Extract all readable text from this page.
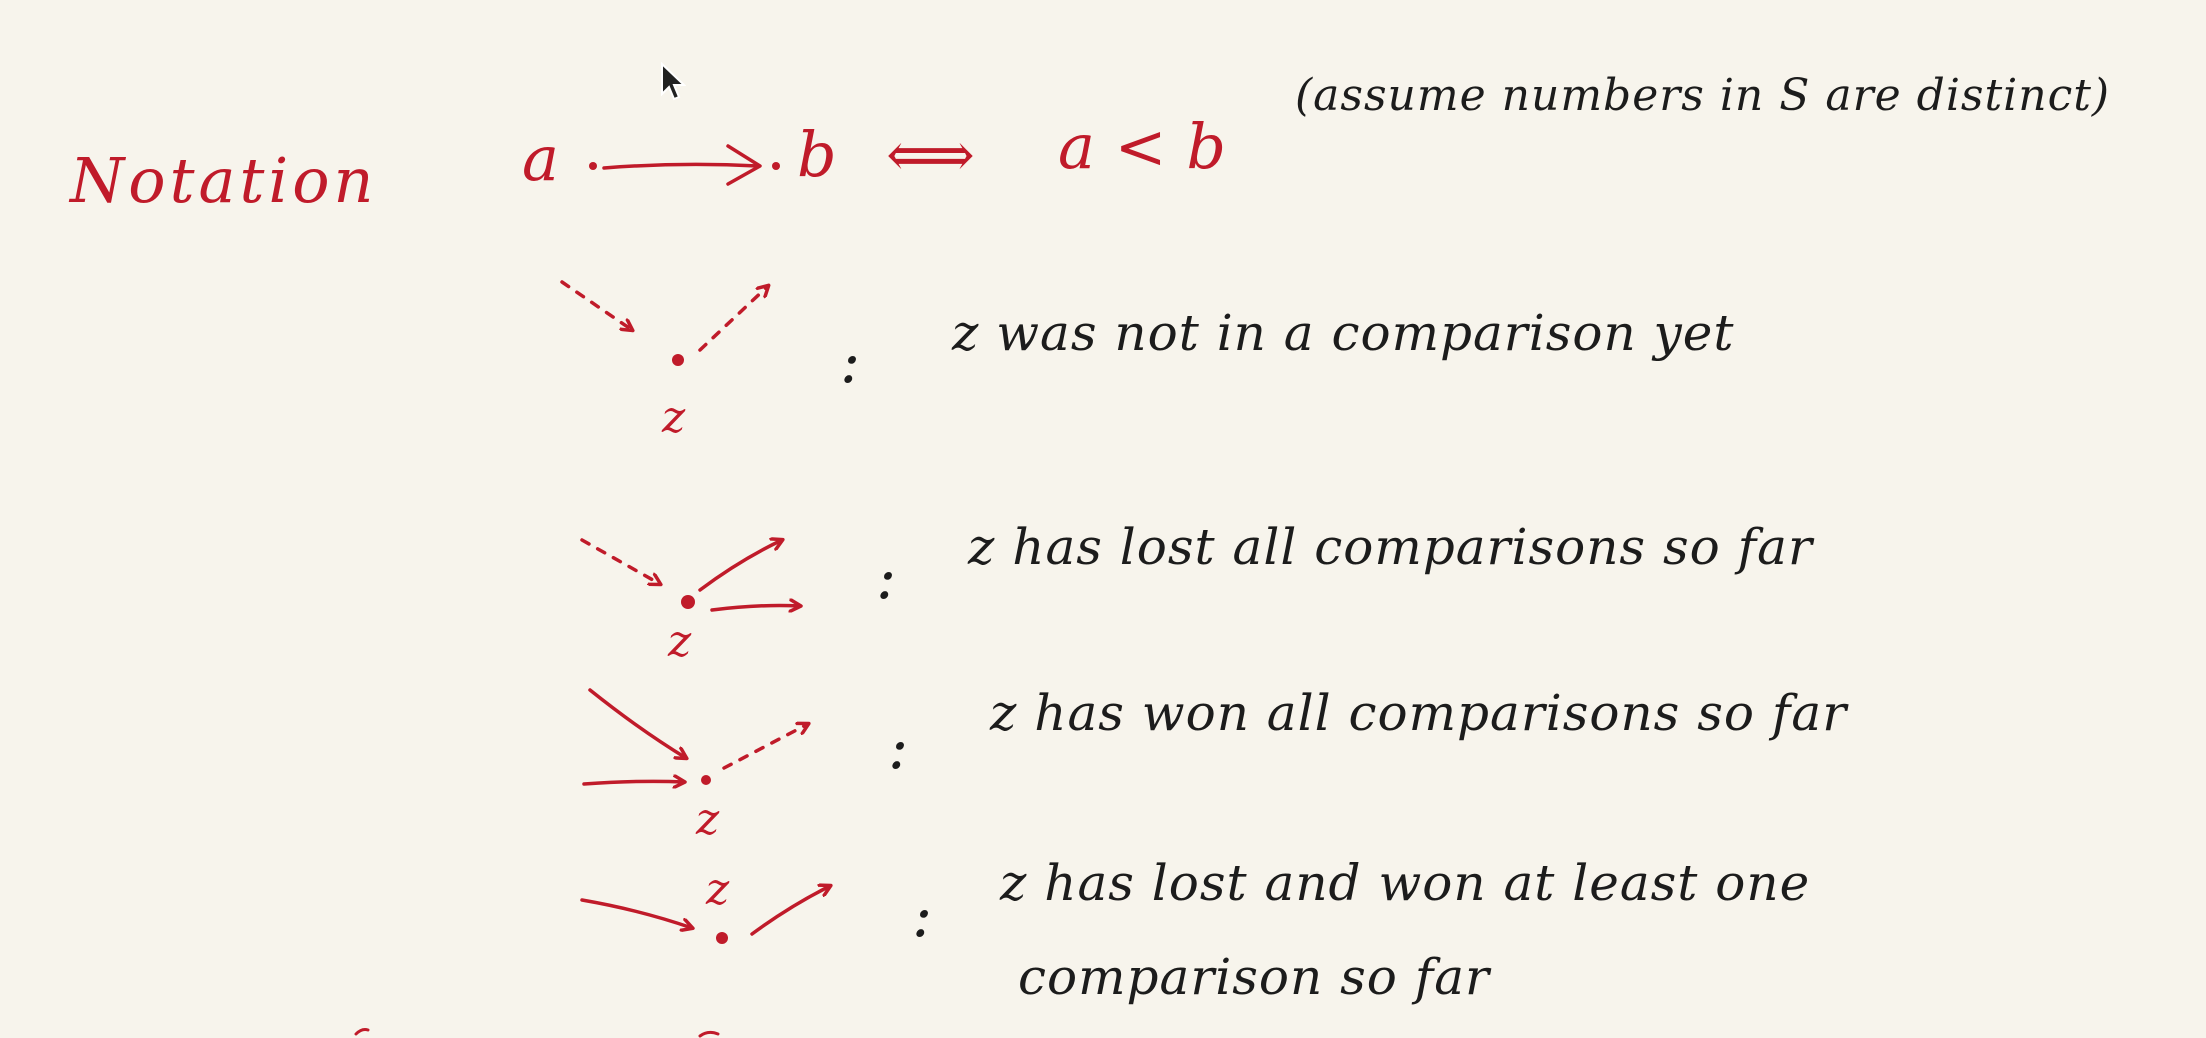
Notation a	b ⟺ a < b
(assume numbers in S are distinct)
z
: z was not in a comparison yet
z
: z has lost all comparisons so far
z
: z has won all comparisons so far
z	: z has lost and won at least one
comparison so far
